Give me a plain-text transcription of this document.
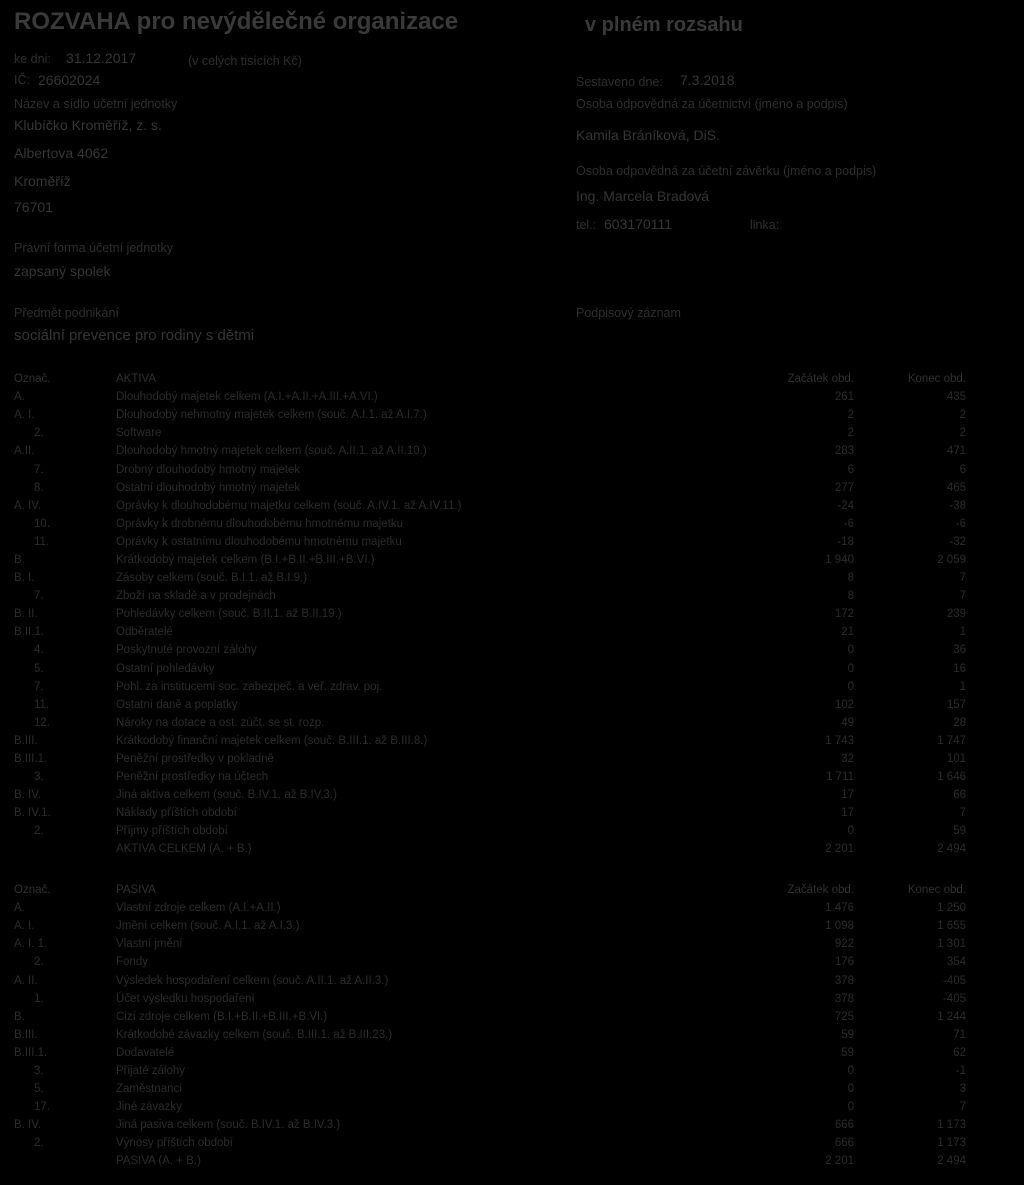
ROZVAHA pro nevýdělečné organizace	v plném rozsahu
ke dni: 31.12.2017	(v celých tisících Kč)
IČ: 26602024	Sestaveno dne: 7.3.2018
Název a sídlo účetní jednotky	Osoba odpovědná za účetnictví (jméno a podpis)
Klubíčko Kroměříž, z. s.
Kamila Bráníková, DiS.
Albertova 4062
Osoba odpovědná za účetní závěrku (jméno a podpis)
Kroměříž
Ing. Marcela Bradová
76701
tel.: 603170111	linka:
Právní forma účetní jednotky
zapsaný spolek
Předmět podnikání	Podpisový záznam
sociální prevence pro rodiny s dětmi
Označ.	AKTIVA	Začátek obd.	Konec obd.
A.	Dlouhodobý majetek celkem (A.I.+A.II.+A.III.+A.VI.)	261	435
A. I.	Dlouhodobý nehmotný majetek celkem (souč. A.I.1. až A.I.7.)	2	2
2.	Software	2	2
A.II.	Dlouhodobý hmotný majetek celkem (souč. A.II.1. až A.II.10.)	283	471
7.	Drobný dlouhodobý hmotný majetek	6	6
8.	Ostatní dlouhodobý hmotný majetek	277	465
A. IV.	Oprávky k dlouhodobému majetku celkem (souč. A.IV.1. až A.IV.11.)	-24	-38
10.	Oprávky k drobnému dlouhodobému hmotnému majetku	-6	-6
11.	Oprávky k ostatnímu dlouhodobému hmotnému majetku	-18	-32
B.	Krátkodobý majetek celkem (B.I.+B.II.+B.III.+B.VI.)	1 940	2 059
B. I.	Zásoby celkem (souč. B.I.1. až B.I.9.)	8	7
7.	Zboží na skladě a v prodejnách	8	7
B. II.	Pohledávky celkem (souč. B.II.1. až B.II.19.)	172	239
B.II.1.	Odběratelé	21	1
4.	Poskytnuté provozní zálohy	0	36
5.	Ostatní pohledávky	0	16
7.	Pohl. za institucemi soc. zabezpeč. a veř. zdrav. poj.	0	1
11.	Ostatní daně a poplatky	102	157
12.	Nároky na dotace a ost. zúčt. se st. rozp.	49	28
B.III.	Krátkodobý finanční majetek celkem (souč. B.III.1. až B.III.8.)	1 743	1 747
B.III.1.	Peněžní prostředky v pokladně	32	101
3.	Peněžní prostředky na účtech	1 711	1 646
B. IV.	Jiná aktiva celkem (souč. B.IV.1. až B.IV.3.)	17	66
B. IV.1.	Náklady příštích období	17	7
2.	Příjmy příštích období	0	59
	AKTIVA CELKEM (A. + B.)	2 201	2 494
Označ.	PASIVA	Začátek obd.	Konec obd.
A.	Vlastní zdroje celkem (A.I.+A.II.)	1 476	1 250
A. I.	Jmění celkem (souč. A.I.1. až A.I.3.)	1 098	1 655
A. I. 1.	Vlastní jmění	922	1 301
2.	Fondy	176	354
A. II.	Výsledek hospodaření celkem (souč. A.II.1. až A.II.3.)	378	-405
1.	Účet výsledku hospodaření	378	-405
B.	Cizí zdroje celkem (B.I.+B.II.+B.III.+B.VI.)	725	1 244
B.III.	Krátkodobé závazky celkem (souč. B.III.1. až B.III.23.)	59	71
B.III.1.	Dodavatelé	59	62
3.	Přijaté zálohy	0	-1
5.	Zaměstnanci	0	3
17.	Jiné závazky	0	7
B. IV.	Jiná pasiva celkem (souč. B.IV.1. až B.IV.3.)	666	1 173
2.	Výnosy příštích období	666	1 173
	PASIVA (A. + B.)	2 201	2 494
